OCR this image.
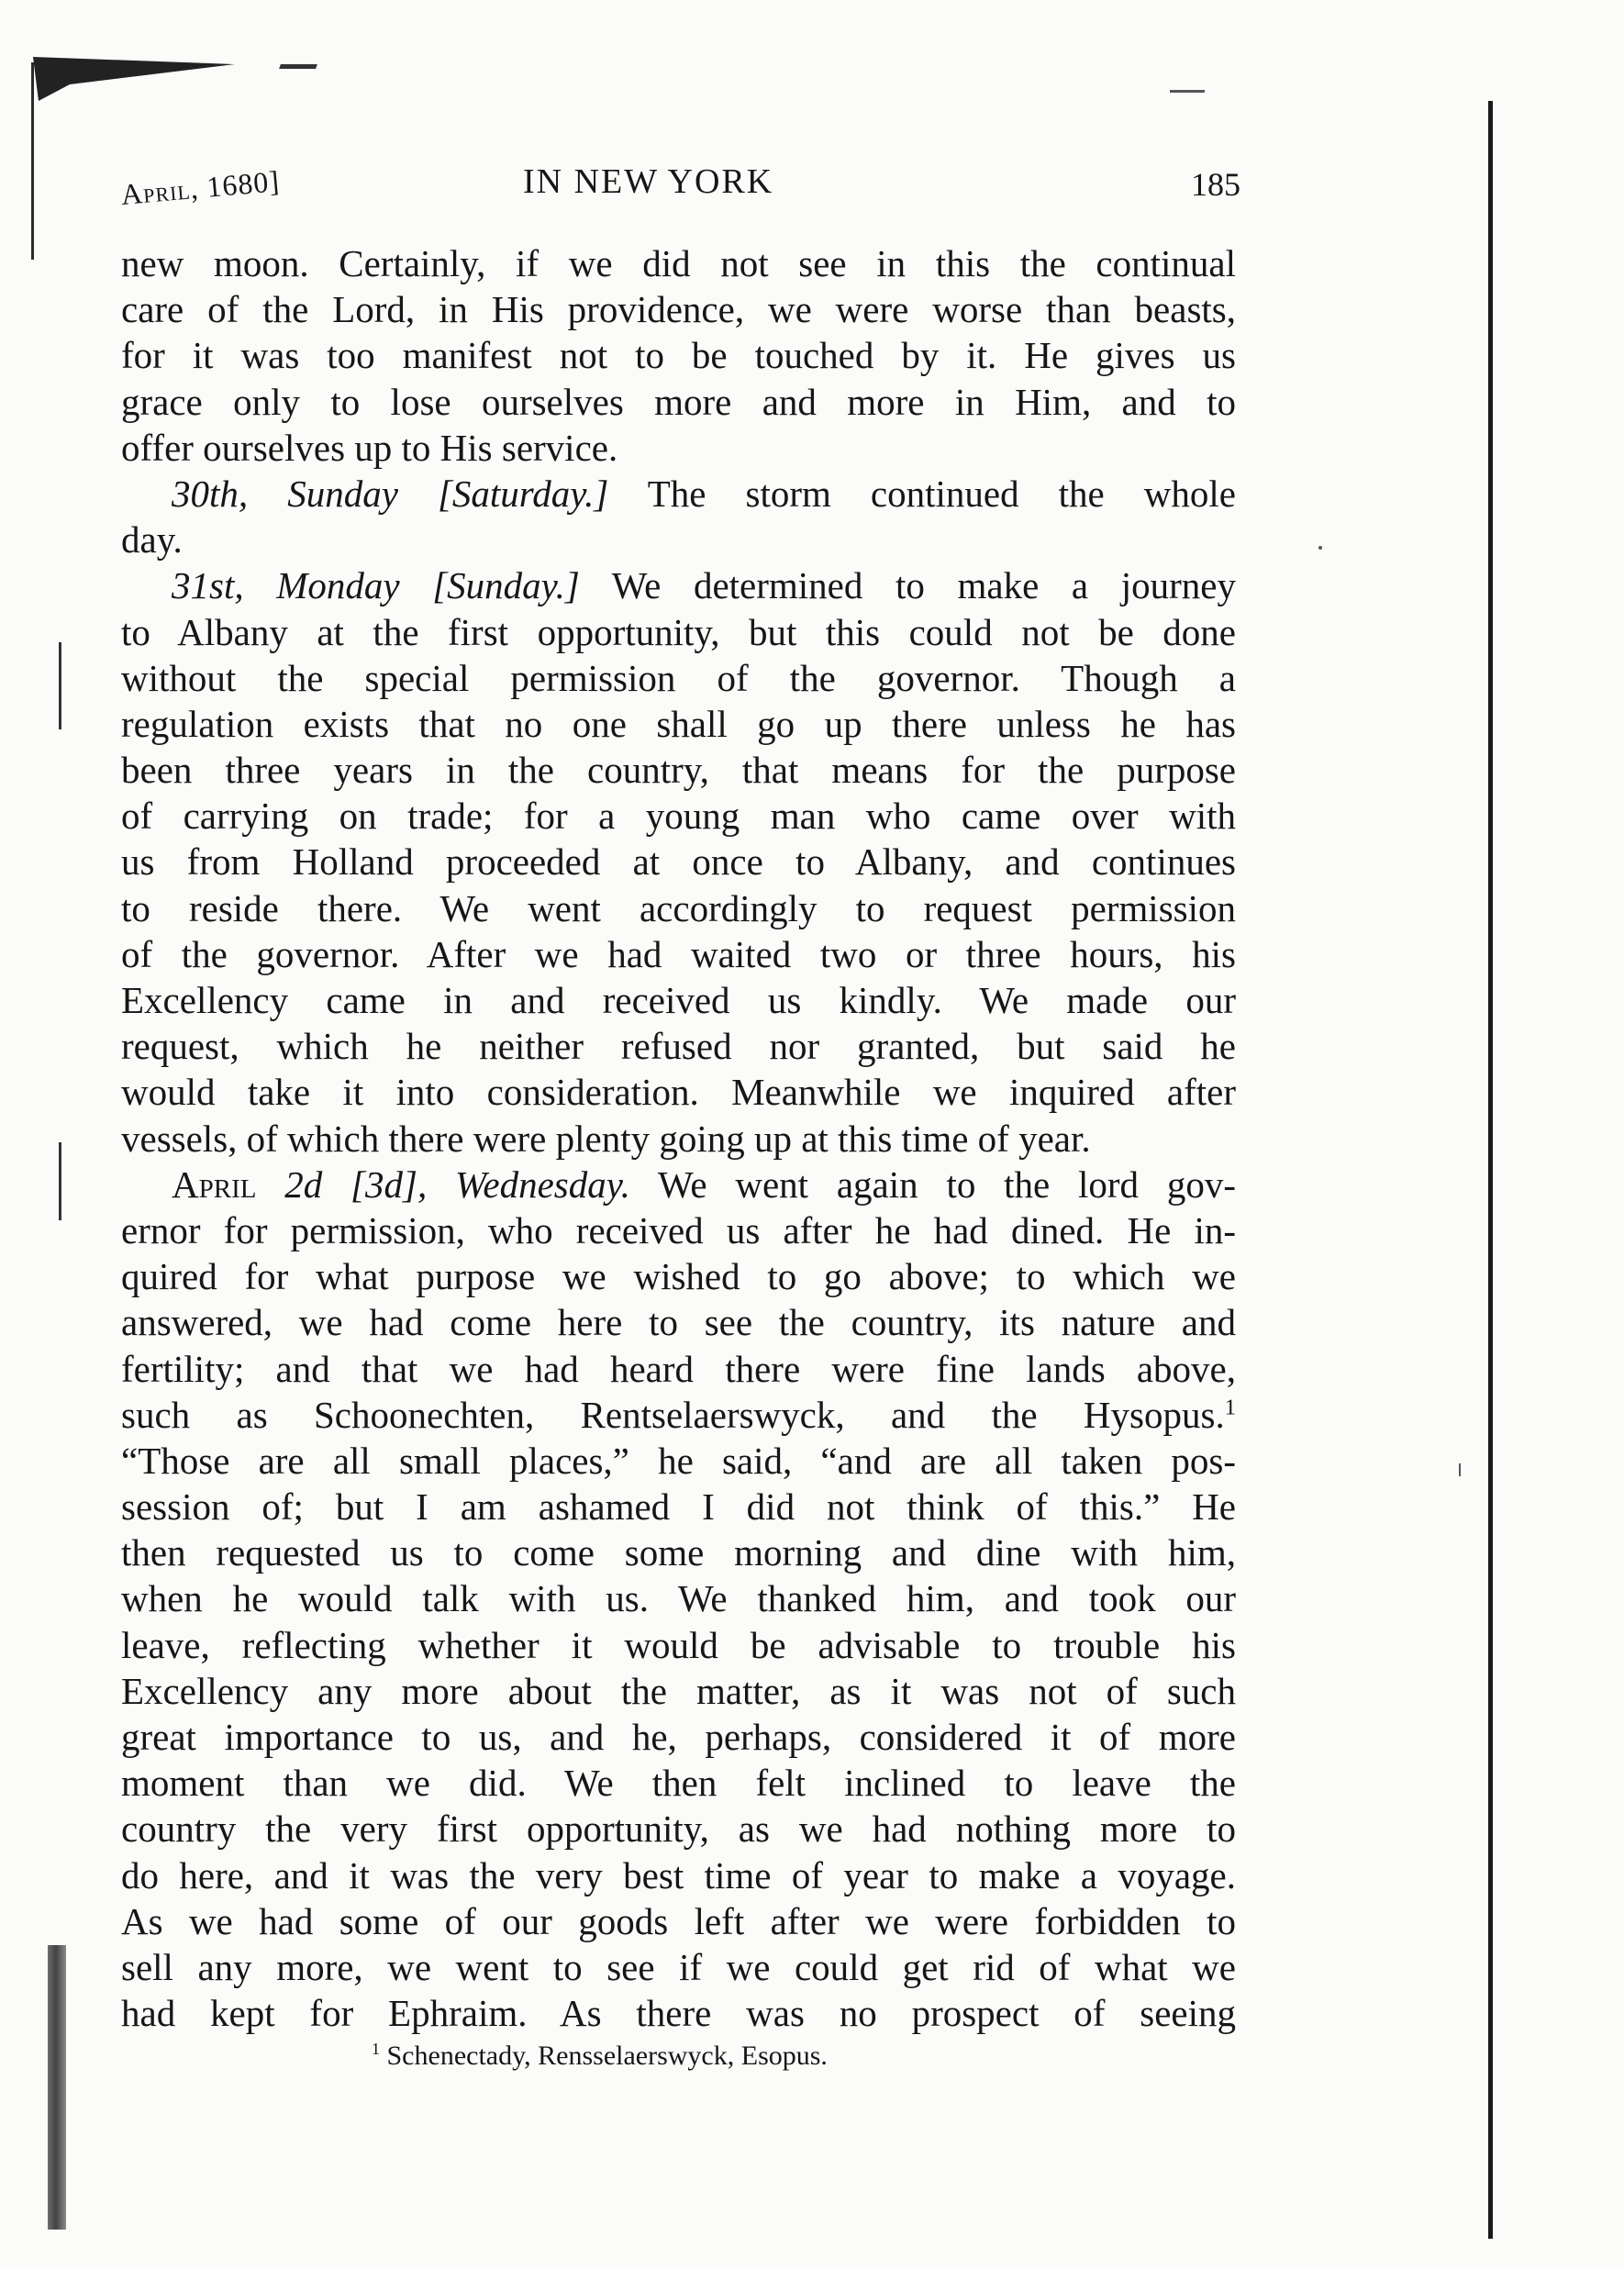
April, 1680]	IN NEW YORK	185
new moon. Certainly, if we did not see in this the continual
care of the Lord, in His providence, we were worse than beasts,
for it was too manifest not to be touched by it. He gives us
grace only to lose ourselves more and more in Him, and to
offer ourselves up to His service.
30th, Sunday [Saturday.] The storm continued the whole
day.
31st, Monday [Sunday.] We determined to make a journey
to Albany at the first opportunity, but this could not be done
without the special permission of the governor. Though a
regulation exists that no one shall go up there unless he has
been three years in the country, that means for the purpose
of carrying on trade; for a young man who came over with
us from Holland proceeded at once to Albany, and continues
to reside there. We went accordingly to request permission
of the governor. After we had waited two or three hours, his
Excellency came in and received us kindly. We made our
request, which he neither refused nor granted, but said he
would take it into consideration. Meanwhile we inquired after
vessels, of which there were plenty going up at this time of year.
April 2d [3d], Wednesday. We went again to the lord gov-
ernor for permission, who received us after he had dined. He in-
quired for what purpose we wished to go above; to which we
answered, we had come here to see the country, its nature and
fertility; and that we had heard there were fine lands above,
such as Schoonechten, Rentselaerswyck, and the Hysopus.$^1$
“Those are all small places,” he said, “and are all taken pos-
session of; but I am ashamed I did not think of this.” He
then requested us to come some morning and dine with him,
when he would talk with us. We thanked him, and took our
leave, reflecting whether it would be advisable to trouble his
Excellency any more about the matter, as it was not of such
great importance to us, and he, perhaps, considered it of more
moment than we did. We then felt inclined to leave the
country the very first opportunity, as we had nothing more to
do here, and it was the very best time of year to make a voyage.
As we had some of our goods left after we were forbidden to
sell any more, we went to see if we could get rid of what we
had kept for Ephraim. As there was no prospect of seeing
$^1$ Schenectady, Rensselaerswyck, Esopus.
